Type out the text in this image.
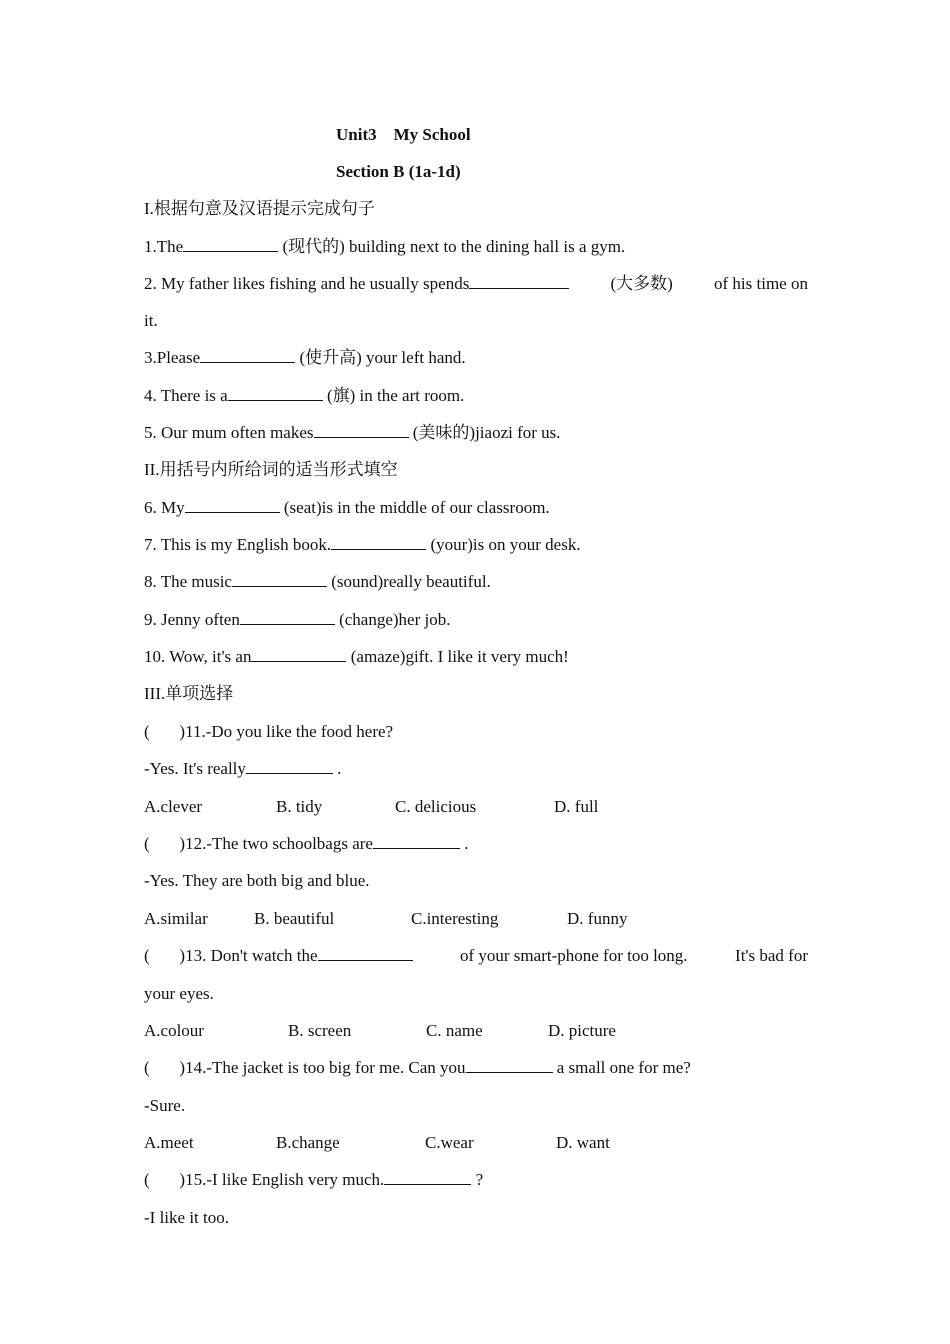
Unit3    My School
Section B (1a-1d)
I.根据句意及汉语提示完成句子
1.The	(现代的) building next to the dining hall is a gym.
2. My father likes fishing and he usually spends	(大多数) of his time on
it.
3.Please	(使升高) your left hand.
4. There is a	(旗) in the art room.
5. Our mum often makes	(美味的)jiaozi for us.
II.用括号内所给词的适当形式填空
6. My	(seat)is in the middle of our classroom.
7. This is my English book.	(your)is on your desk.
8. The music	(sound)really beautiful.
9. Jenny often	(change)her job.
10. Wow, it's an	(amaze)gift. I like it very much!
III.单项选择
(       )11.-Do you like the food here?
-Yes. It's really	.
A.clever	B. tidy	C. delicious	D. full
(       )12.-The two schoolbags are	.
-Yes. They are both big and blue.
A.similar	B. beautiful	C.interesting	D. funny
(       )13. Don't watch the	of your smart-phone for too long.	It's bad for
your eyes.
A.colour	B. screen	C. name	D. picture
(       )14.-The jacket is too big for me. Can you	a small one for me?
-Sure.
A.meet	B.change	C.wear	D. want
(       )15.-I like English very much.	?
-I like it too.
